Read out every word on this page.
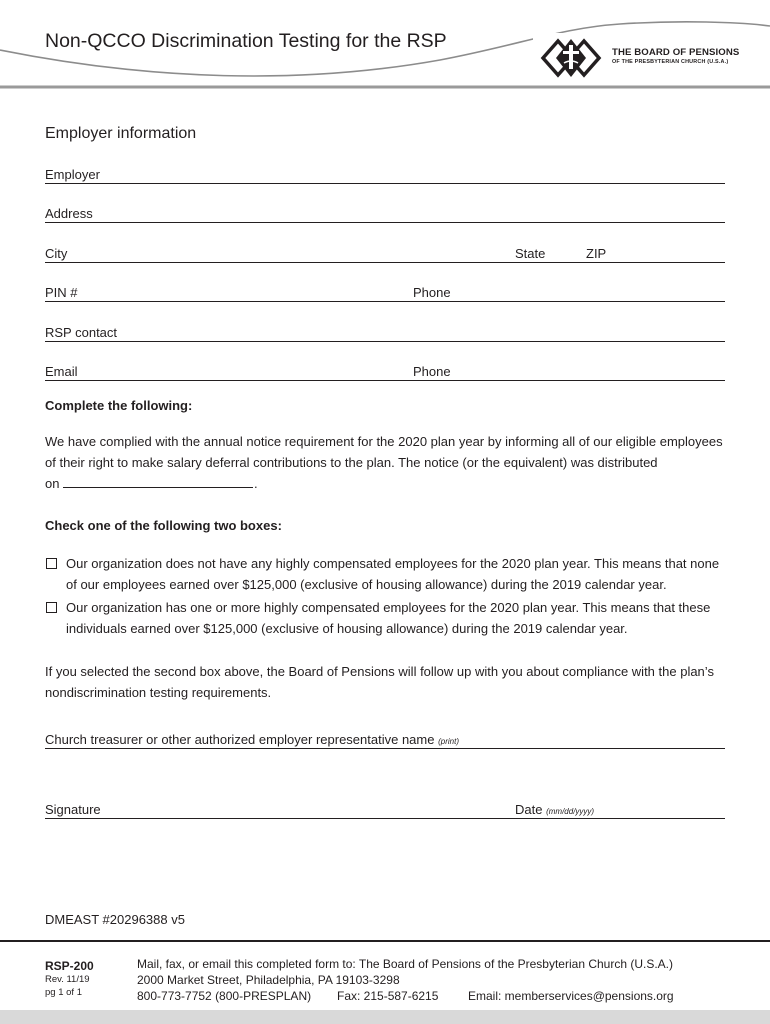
Non-QCCO Discrimination Testing for the RSP
THE BOARD OF PENSIONS
OF THE PRESBYTERIAN CHURCH (U.S.A.)
Employer information
Employer
Address
City	State	ZIP
PIN #	Phone
RSP contact
Email	Phone
Complete the following:
We have complied with the annual notice requirement for the 2020 plan year by informing all of our eligible employees
of their right to make salary deferral contributions to the plan. The notice (or the equivalent) was distributed
on	.
Check one of the following two boxes:
Our organization does not have any highly compensated employees for the 2020 plan year. This means that none
of our employees earned over $125,000 (exclusive of housing allowance) during the 2019 calendar year.
Our organization has one or more highly compensated employees for the 2020 plan year. This means that these
individuals earned over $125,000 (exclusive of housing allowance) during the 2019 calendar year.
If you selected the second box above, the Board of Pensions will follow up with you about compliance with the plan’s
nondiscrimination testing requirements.
Church treasurer or other authorized employer representative name (print)
Signature	Date (mm/dd/yyyy)
DMEAST #20296388 v5
RSP-200
Rev. 11/19
pg 1 of 1
Mail, fax, or email this completed form to: The Board of Pensions of the Presbyterian Church (U.S.A.)
2000 Market Street, Philadelphia, PA 19103-3298
800-773-7752 (800-PRESPLAN) Fax: 215-587-6215 Email: memberservices@pensions.org
